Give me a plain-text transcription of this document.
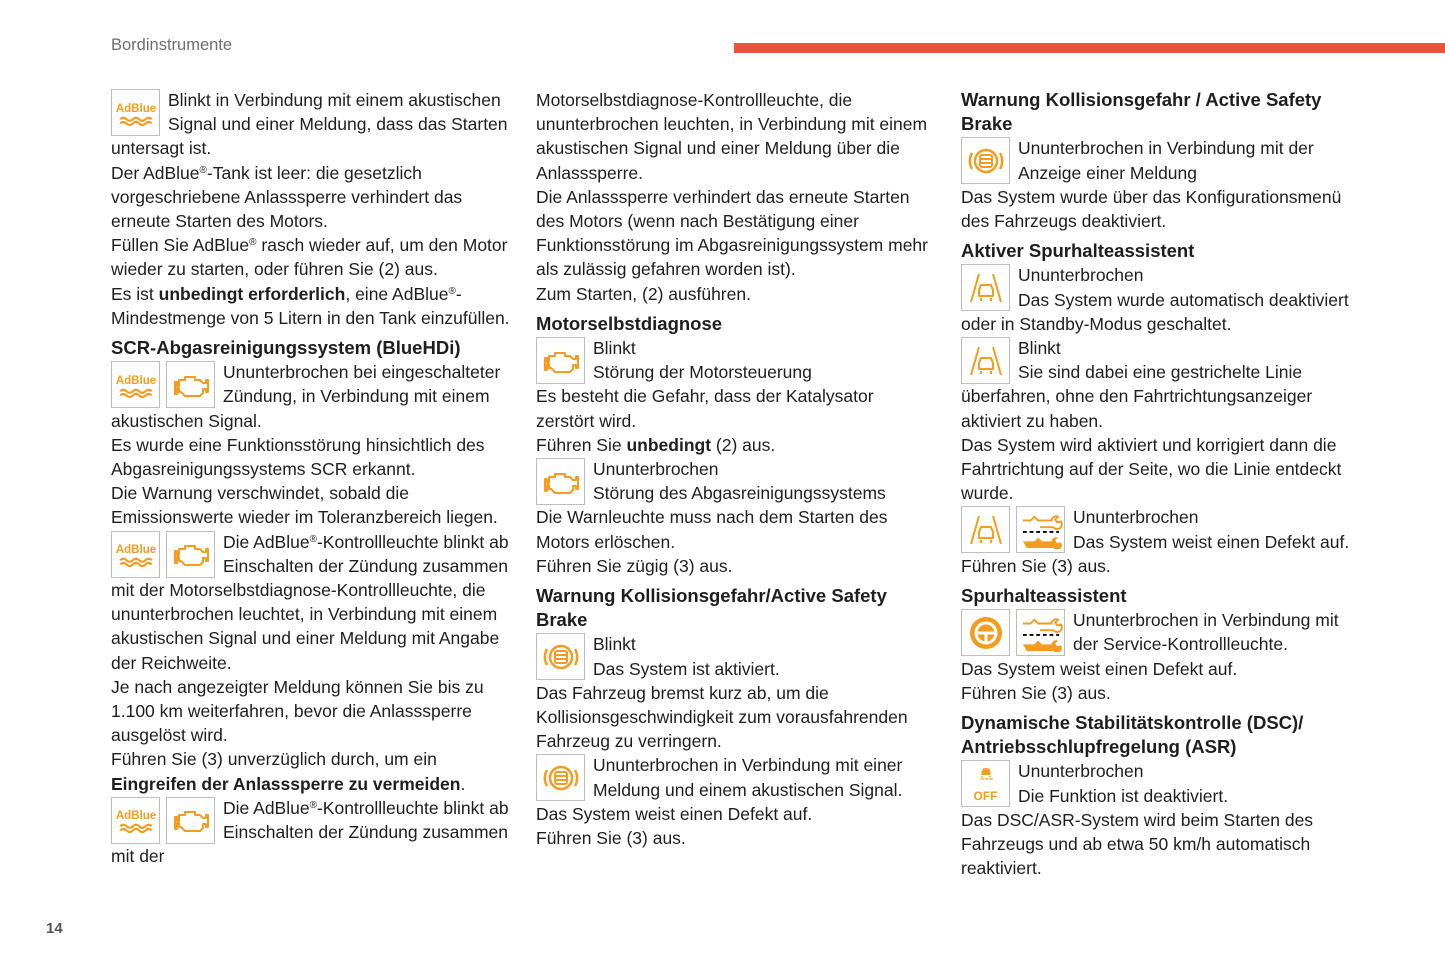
Bordinstrumente
14

Blinkt in Verbindung mit einem akustischen Signal und einer Meldung, dass das Starten untersagt ist.

Der AdBlue®-Tank ist leer: die gesetzlich vorgeschriebene Anlasssperre verhindert das erneute Starten des Motors.

Füllen Sie AdBlue® rasch wieder auf, um den Motor wieder zu starten, oder führen Sie (2) aus.

Es ist unbedingt erforderlich, eine AdBlue®-Mindestmenge von 5 Litern in den Tank einzufüllen.

SCR-Abgasreinigungssystem (BlueHDi)

Ununterbrochen bei eingeschalteter Zündung, in Verbindung mit einem akustischen Signal.

Es wurde eine Funktionsstörung hinsichtlich des Abgasreinigungssystems SCR erkannt.

Die Warnung verschwindet, sobald die Emissionswerte wieder im Toleranzbereich liegen.

Die AdBlue®-Kontrollleuchte blinkt ab Einschalten der Zündung zusammen mit der Motorselbstdiagnose-Kontrollleuchte, die ununterbrochen leuchtet, in Verbindung mit einem akustischen Signal und einer Meldung mit Angabe der Reichweite.

Je nach angezeigter Meldung können Sie bis zu 1.100 km weiterfahren, bevor die Anlasssperre ausgelöst wird.

Führen Sie (3) unverzüglich durch, um ein Eingreifen der Anlasssperre zu vermeiden.

Die AdBlue®-Kontrollleuchte blinkt ab Einschalten der Zündung zusammen mit der

Motorselbstdiagnose-Kontrollleuchte, die ununterbrochen leuchten, in Verbindung mit einem akustischen Signal und einer Meldung über die Anlasssperre.

Die Anlasssperre verhindert das erneute Starten des Motors (wenn nach Bestätigung einer Funktionsstörung im Abgasreinigungssystem mehr als zulässig gefahren worden ist).

Zum Starten, (2) ausführen.

Motorselbstdiagnose

Blinkt

Störung der Motorsteuerung

Es besteht die Gefahr, dass der Katalysator zerstört wird.

Führen Sie unbedingt (2) aus.

Ununterbrochen

Störung des Abgasreinigungssystems

Die Warnleuchte muss nach dem Starten des Motors erlöschen.

Führen Sie zügig (3) aus.

Warnung Kollisionsgefahr/Active Safety Brake

Blinkt

Das System ist aktiviert.

Das Fahrzeug bremst kurz ab, um die Kollisionsgeschwindigkeit zum vorausfahrenden Fahrzeug zu verringern.

Ununterbrochen in Verbindung mit einer Meldung und einem akustischen Signal.

Das System weist einen Defekt auf.

Führen Sie (3) aus.

Warnung Kollisionsgefahr / Active Safety Brake

Ununterbrochen in Verbindung mit der Anzeige einer Meldung

Das System wurde über das Konfigurationsmenü des Fahrzeugs deaktiviert.

Aktiver Spurhalteassistent

Ununterbrochen
Das System wurde automatisch deaktiviert oder in Standby-Modus geschaltet.

Blinkt
Sie sind dabei eine gestrichelte Linie überfahren, ohne den Fahrtrichtungsanzeiger aktiviert zu haben.

Das System wird aktiviert und korrigiert dann die Fahrtrichtung auf der Seite, wo die Linie entdeckt wurde.

Ununterbrochen

Das System weist einen Defekt auf.

Führen Sie (3) aus.

Spurhalteassistent

Ununterbrochen in Verbindung mit der Service-Kontrollleuchte.

Das System weist einen Defekt auf.

Führen Sie (3) aus.

Dynamische Stabilitätskontrolle (DSC)/ Antriebsschlupfregelung (ASR)
OFF

Ununterbrochen

Die Funktion ist deaktiviert.

Das DSC/ASR-System wird beim Starten des Fahrzeugs und ab etwa 50 km/h automatisch reaktiviert.
